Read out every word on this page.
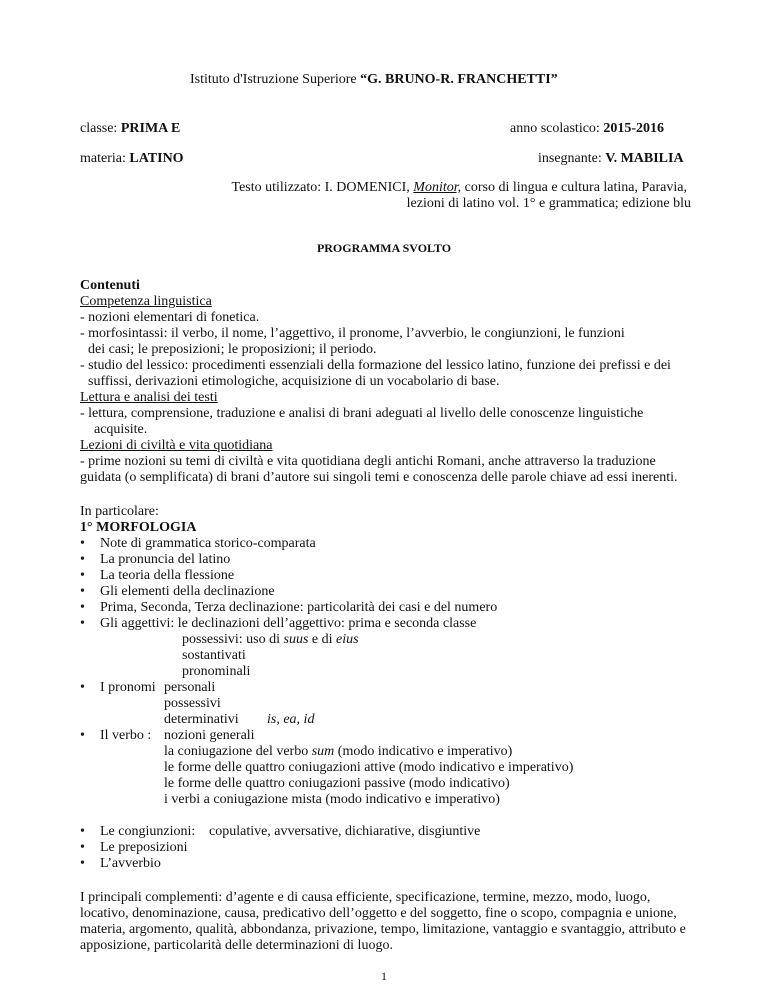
Istituto d'Istruzione Superiore “G. BRUNO-R. FRANCHETTI”
classe: PRIMA E	anno scolastico: 2015-2016
materia: LATINO	insegnante: V. MABILIA
Testo utilizzato: I. DOMENICI, Monitor, corso di lingua e cultura latina, Paravia,
lezioni di latino vol. 1° e grammatica; edizione blu
PROGRAMMA SVOLTO
Contenuti
Competenza linguistica
- nozioni elementari di fonetica.
- morfosintassi: il verbo, il nome, l’aggettivo, il pronome, l’avverbio, le congiunzioni, le funzioni
dei casi; le preposizioni; le proposizioni; il periodo.
- studio del lessico: procedimenti essenziali della formazione del lessico latino, funzione dei prefissi e dei
suffissi, derivazioni etimologiche, acquisizione di un vocabolario di base.
Lettura e analisi dei testi
- lettura, comprensione, traduzione e analisi di brani adeguati al livello delle conoscenze linguistiche
acquisite.
Lezioni di civiltà e vita quotidiana
- prime nozioni su temi di civiltà e vita quotidiana degli antichi Romani, anche attraverso la traduzione
guidata (o semplificata) di brani d’autore sui singoli temi e conoscenza delle parole chiave ad essi inerenti.
In particolare:
1° MORFOLOGIA
• Note di grammatica storico-comparata
• La pronuncia del latino
• La teoria della flessione
• Gli elementi della declinazione
• Prima, Seconda, Terza declinazione: particolarità dei casi e del numero
• Gli aggettivi: le declinazioni dell’aggettivo: prima e seconda classe
possessivi: uso di suus e di eius
sostantivati
pronominali
• I pronomi personali
possessivi
determinativi is, ea, id
• Il verbo : nozioni generali
la coniugazione del verbo sum (modo indicativo e imperativo)
le forme delle quattro coniugazioni attive (modo indicativo e imperativo)
le forme delle quattro coniugazioni passive (modo indicativo)
i verbi a coniugazione mista (modo indicativo e imperativo)
• Le congiunzioni: copulative, avversative, dichiarative, disgiuntive
• Le preposizioni
• L’avverbio
I principali complementi: d’agente e di causa efficiente, specificazione, termine, mezzo, modo, luogo,
locativo, denominazione, causa, predicativo dell’oggetto e del soggetto, fine o scopo, compagnia e unione,
materia, argomento, qualità, abbondanza, privazione, tempo, limitazione, vantaggio e svantaggio, attributo e
apposizione, particolarità delle determinazioni di luogo.
1
